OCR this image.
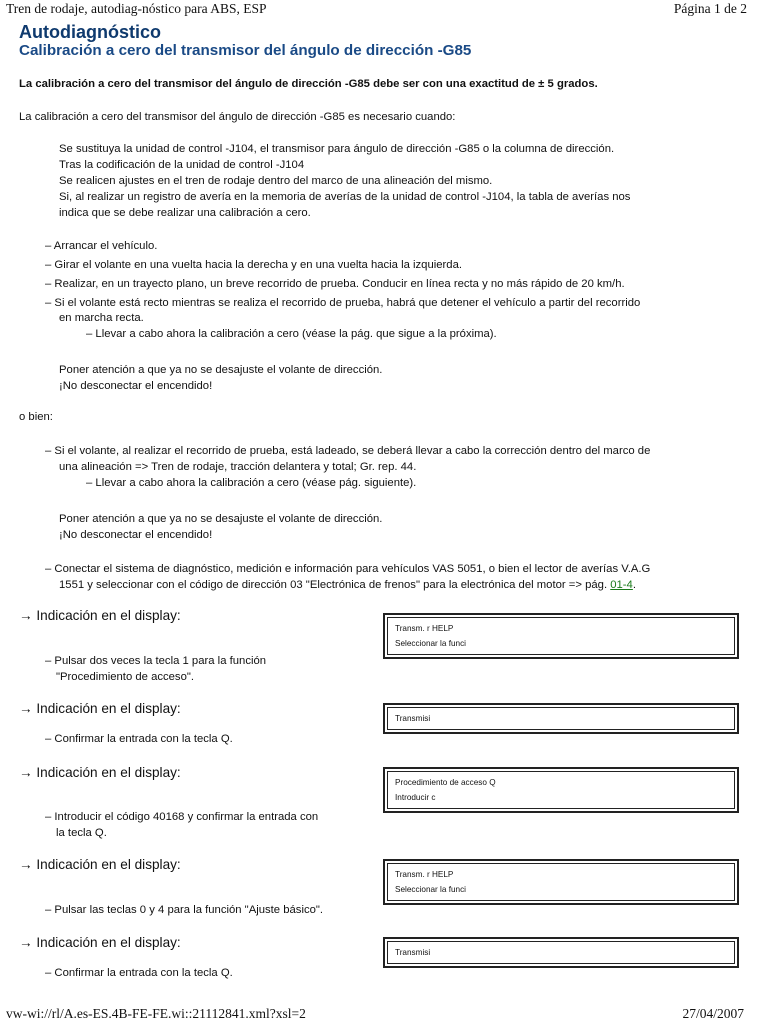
Tren de rodaje, autodiag-nóstico para ABS, ESP	Página 1 de 2
Autodiagnóstico
Calibración a cero del transmisor del ángulo de dirección -G85
La calibración a cero del transmisor del ángulo de dirección -G85 debe ser con una exactitud de ± 5 grados.
La calibración a cero del transmisor del ángulo de dirección -G85 es necesario cuando:
Se sustituya la unidad de control -J104, el transmisor para ángulo de dirección -G85 o la columna de dirección.
Tras la codificación de la unidad de control -J104
Se realicen ajustes en el tren de rodaje dentro del marco de una alineación del mismo.
Si, al realizar un registro de avería en la memoria de averías de la unidad de control -J104, la tabla de averías nos
indica que se debe realizar una calibración a cero.
– Arrancar el vehículo.
– Girar el volante en una vuelta hacia la derecha y en una vuelta hacia la izquierda.
– Realizar, en un trayecto plano, un breve recorrido de prueba. Conducir en línea recta y no más rápido de 20 km/h.
– Si el volante está recto mientras se realiza el recorrido de prueba, habrá que detener el vehículo a partir del recorrido
en marcha recta.
– Llevar a cabo ahora la calibración a cero (véase la pág. que sigue a la próxima).
Poner atención a que ya no se desajuste el volante de dirección.
¡No desconectar el encendido!
o bien:
– Si el volante, al realizar el recorrido de prueba, está ladeado, se deberá llevar a cabo la corrección dentro del marco de
una alineación => Tren de rodaje, tracción delantera y total; Gr. rep. 44.
– Llevar a cabo ahora la calibración a cero (véase pág. siguiente).
Poner atención a que ya no se desajuste el volante de dirección.
¡No desconectar el encendido!
– Conectar el sistema de diagnóstico, medición e información para vehículos VAS 5051, o bien el lector de averías V.A.G
1551 y seleccionar con el código de dirección 03 "Electrónica de frenos" para la electrónica del motor => pág. 01-4.
→ Indicación en el display:
Transm. r HELP
Seleccionar la funci
– Pulsar dos veces la tecla 1 para la función
"Procedimiento de acceso".
→ Indicación en el display:
Transmisi
– Confirmar la entrada con la tecla Q.
→ Indicación en el display:
Procedimiento de acceso Q
Introducir c
– Introducir el código 40168 y confirmar la entrada con
la tecla Q.
→ Indicación en el display:
Transm. r HELP
Seleccionar la funci
– Pulsar las teclas 0 y 4 para la función "Ajuste básico".
→ Indicación en el display:
Transmisi
– Confirmar la entrada con la tecla Q.
vw-wi://rl/A.es-ES.4B-FE-FE.wi::21112841.xml?xsl=2	27/04/2007
